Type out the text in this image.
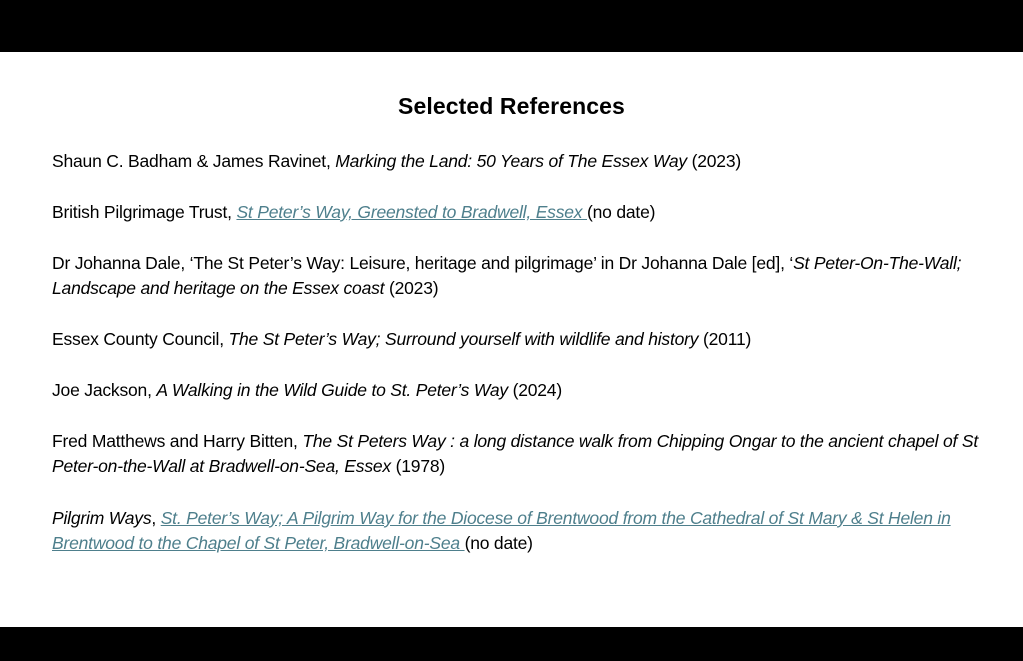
Selected References
Shaun C. Badham & James Ravinet, Marking the Land: 50 Years of The Essex Way (2023)
British Pilgrimage Trust, St Peter’s Way, Greensted to Bradwell, Essex (no date)
Dr Johanna Dale, ‘The St Peter’s Way: Leisure, heritage and pilgrimage’ in Dr Johanna Dale [ed], ‘St Peter-On-The-Wall; Landscape and heritage on the Essex coast (2023)
Essex County Council, The St Peter’s Way; Surround yourself with wildlife and history (2011)
Joe Jackson, A Walking in the Wild Guide to St. Peter’s Way (2024)
Fred Matthews and Harry Bitten, The St Peters Way : a long distance walk from Chipping Ongar to the ancient chapel of St Peter-on-the-Wall at Bradwell-on-Sea, Essex (1978)
Pilgrim Ways, St. Peter’s Way; A Pilgrim Way for the Diocese of Brentwood from the Cathedral of St Mary & St Helen in Brentwood to the Chapel of St Peter, Bradwell-on-Sea (no date)
